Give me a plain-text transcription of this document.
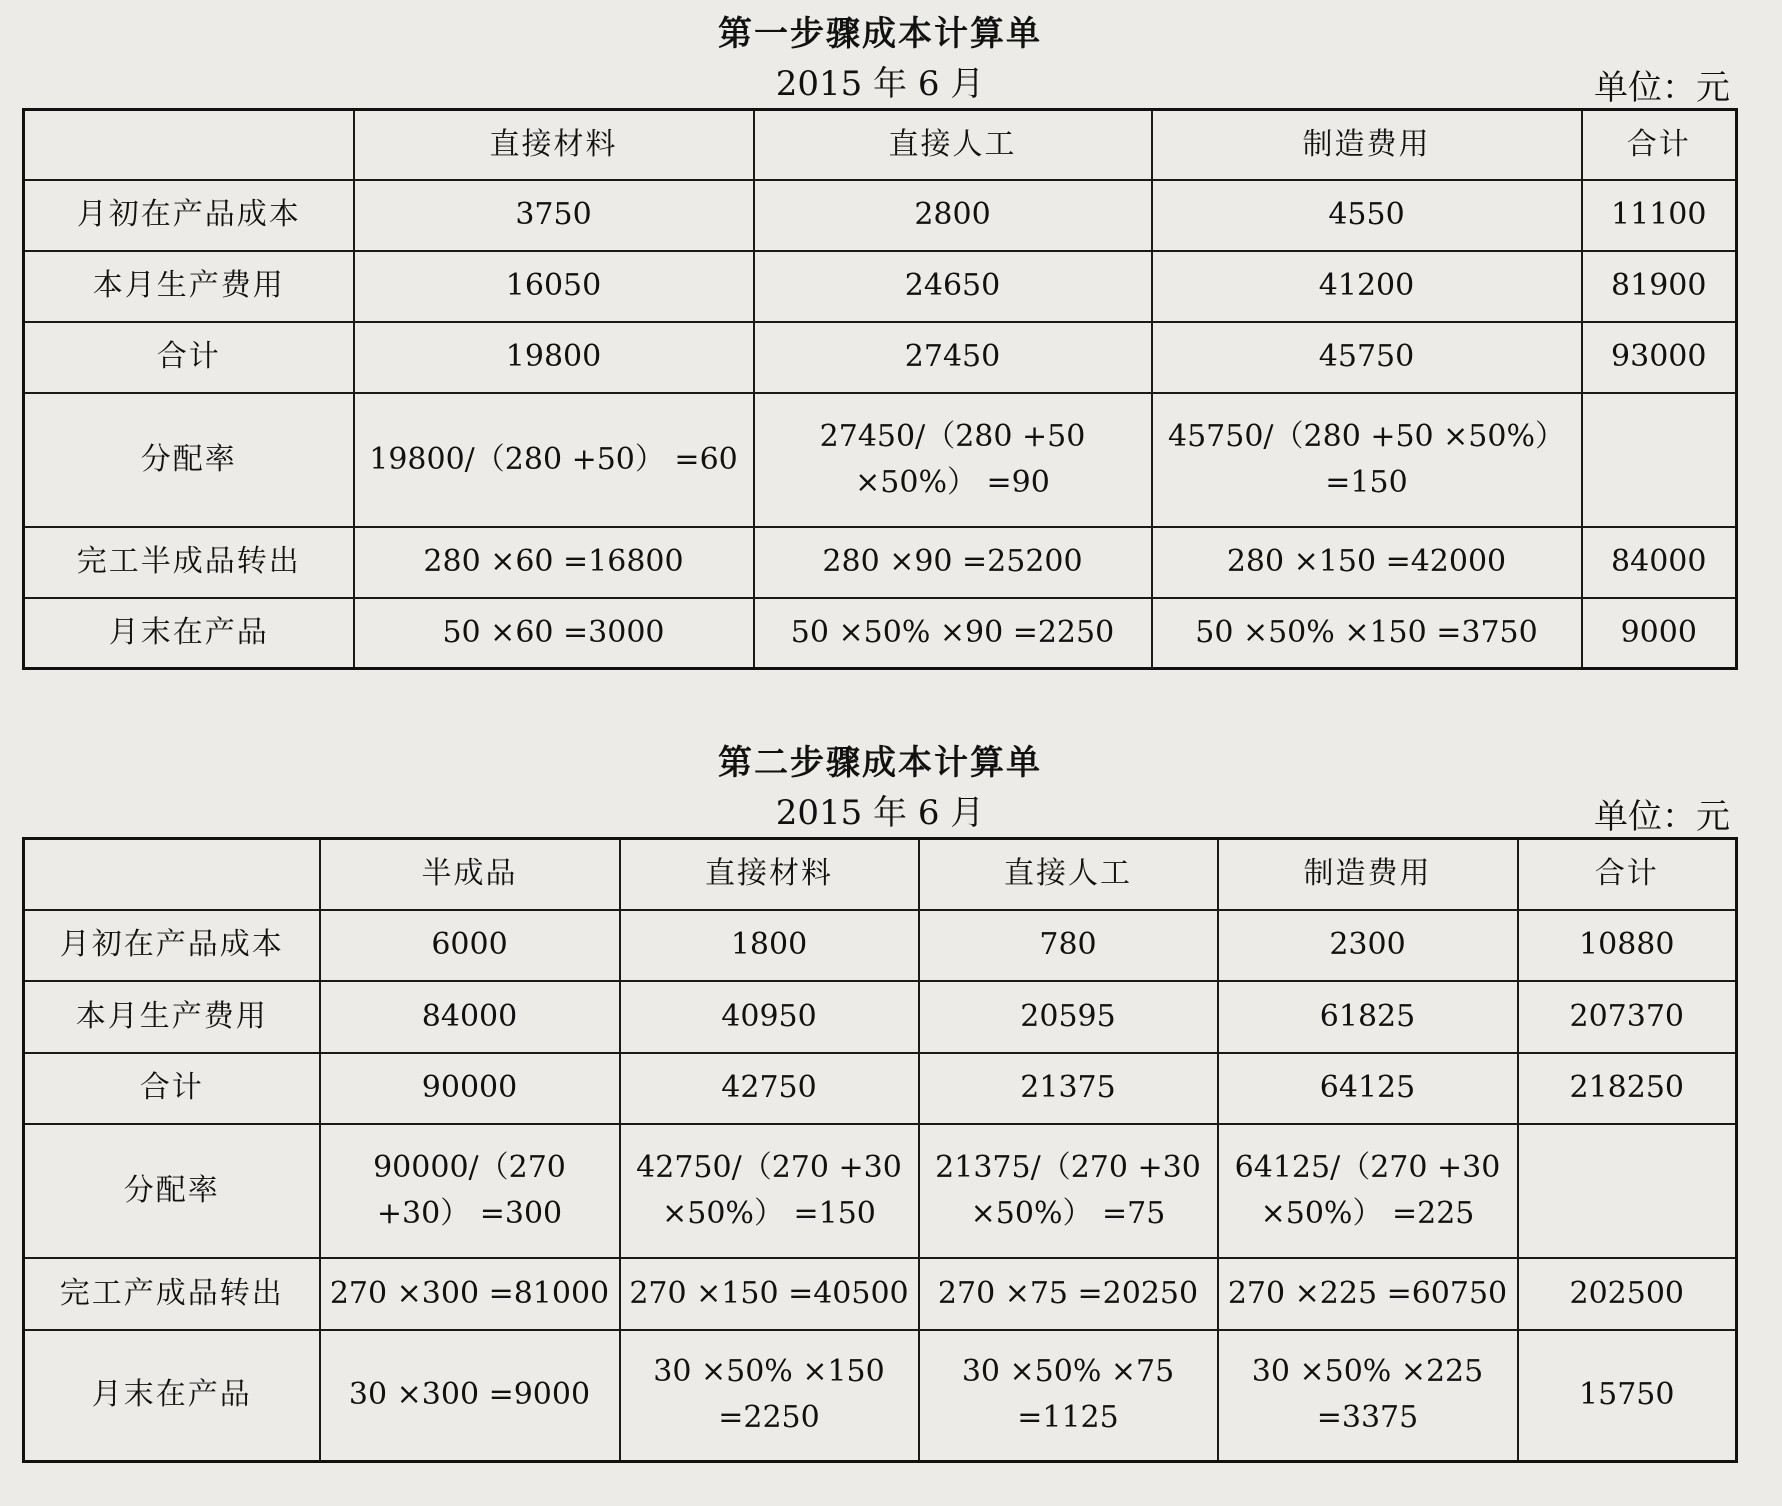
第一步骤成本计算单
2015 年 6 月	单位：元
	直接材料	直接人工	制造费用	合计
月初在产品成本	3750	2800	4550	11100
本月生产费用	16050	24650	41200	81900
合计	19800	27450	45750	93000
分配率	19800/（280 +50） =60	27450/（280 +50 ×50%） =90	45750/（280 +50 ×50%） =150	
完工半成品转出	280 ×60 =16800	280 ×90 =25200	280 ×150 =42000	84000
月末在产品	50 ×60 =3000	50 ×50% ×90 =2250	50 ×50% ×150 =3750	9000
第二步骤成本计算单
2015 年 6 月	单位：元
	半成品	直接材料	直接人工	制造费用	合计
月初在产品成本	6000	1800	780	2300	10880
本月生产费用	84000	40950	20595	61825	207370
合计	90000	42750	21375	64125	218250
分配率	90000/（270 +30） =300	42750/（270 +30 ×50%） =150	21375/（270 +30 ×50%） =75	64125/（270 +30 ×50%） =225	
完工产成品转出	270 ×300 =81000	270 ×150 =40500	270 ×75 =20250	270 ×225 =60750	202500
月末在产品	30 ×300 =9000	30 ×50% ×150 =2250	30 ×50% ×75 =1125	30 ×50% ×225 =3375	15750
